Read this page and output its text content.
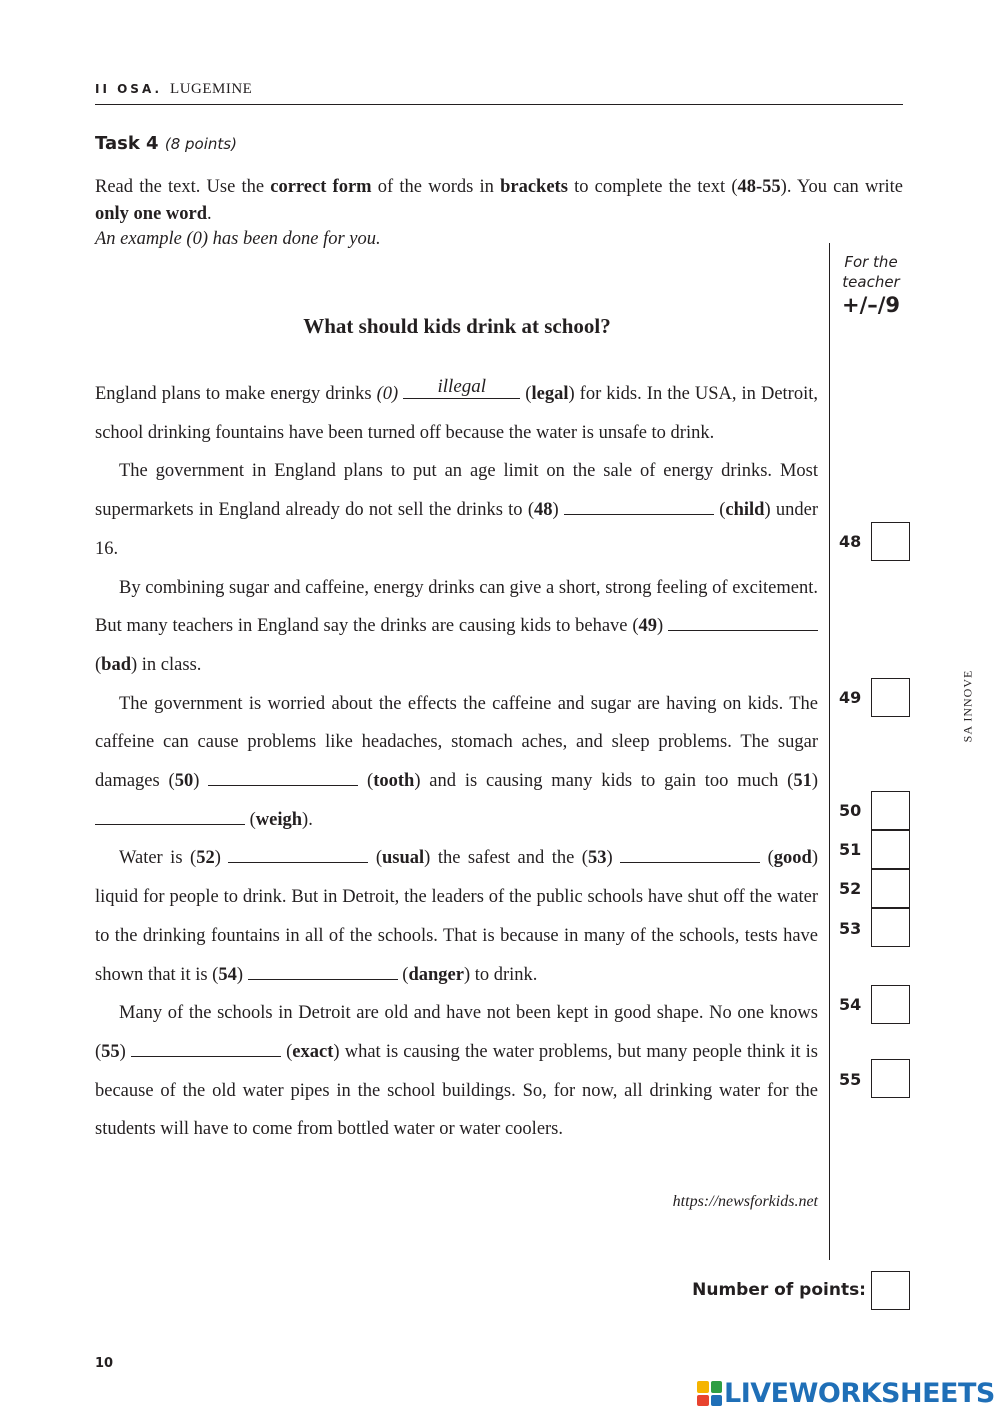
II OSA. LUGEMINE
Task 4 (8 points)
Read the text. Use the correct form of the words in brackets to complete the text (48-55). You can write only one word.
An example (0) has been done for you.
For the
teacher
+/–/9
What should kids drink at school?

England plans to make energy drinks (0)	illegal	(legal) for kids. In the USA, in Detroit, school drinking fountains have been turned off because the water is unsafe to drink.

The government in England plans to put an age limit on the sale of energy drinks. Most supermarkets in England already do not sell the drinks to (48)	(child) under 16.

By combining sugar and caffeine, energy drinks can give a short, strong feeling of excitement. But many teachers in England say the drinks are causing kids to behave (49)  (bad) in class.

The government is worried about the effects the caffeine and sugar are having on kids. The caffeine can cause problems like headaches, stomach aches, and sleep problems. The sugar damages (50)	(tooth) and is causing many kids to gain too much (51)  (weigh).

Water is (52)	(usual) the safest and the (53)	(good) liquid for people to drink. But in Detroit, the leaders of the public schools have shut off the water to the drinking fountains in all of the schools. That is because in many of the schools, tests have shown that it is (54)	(danger) to drink.

Many of the schools in Detroit are old and have not been kept in good shape. No one knows (55)	(exact) what is causing the water problems, but many people think it is because of the old water pipes in the school buildings. So, for now, all drinking water for the students will have to come from bottled water or water coolers.

https://newsforkids.net
48
49
50
51
52
53
54
55
Number of points:
10
SA INNOVE
LIVEWORKSHEETS
